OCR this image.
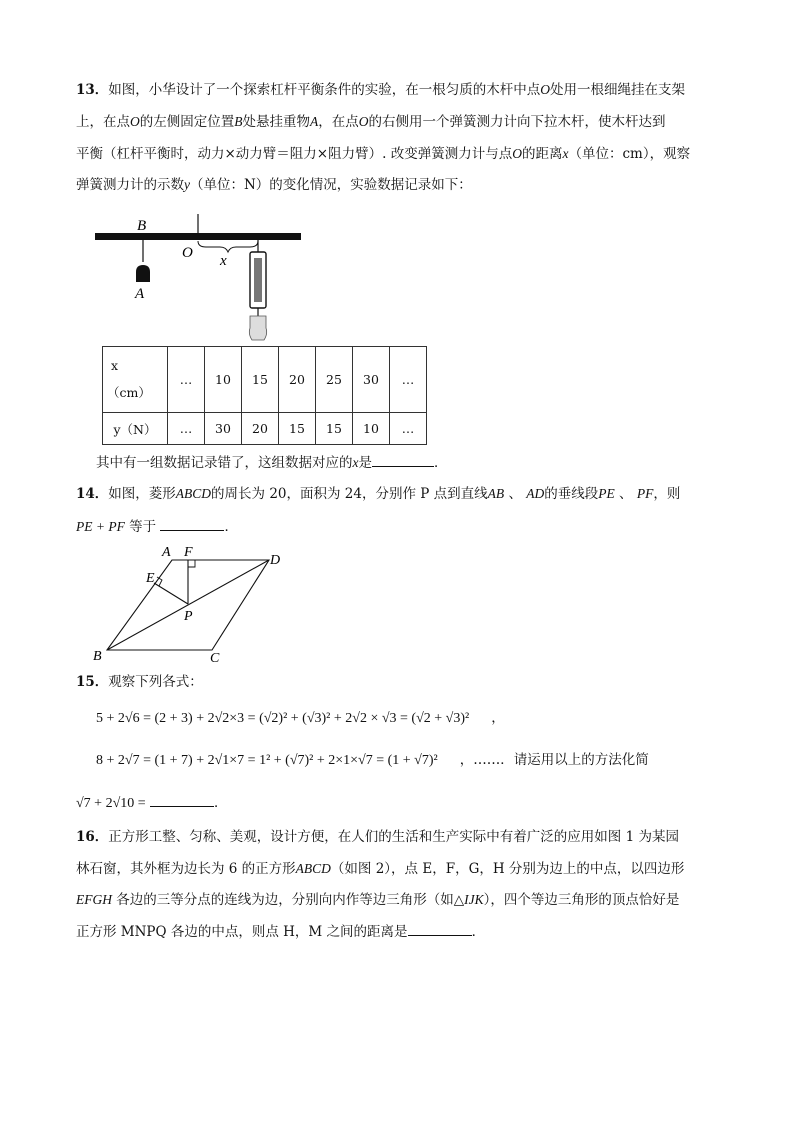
13．如图，小华设计了一个探索杠杆平衡条件的实验，在一根匀质的木杆中点O处用一根细绳挂在支架
上，在点O的左侧固定位置B处悬挂重物A，在点O的右侧用一个弹簧测力计向下拉木杆，使木杆达到
平衡（杠杆平衡时，动力×动力臂＝阻力×阻力臂）. 改变弹簧测力计与点O的距离x（单位：cm），观察
弹簧测力计的示数y（单位：N）的变化情况，实验数据记录如下：
B
O
A
x
x
（cm）	…	10	15	20	25	30	…
y（N）	…	30	20	15	15	10	…
其中有一组数据记录错了，这组数据对应的x是	．
14．如图，菱形ABCD的周长为 20，面积为 24，分别作 P 点到直线AB 、 AD的垂线段PE 、 PF，则
PE + PF 等于	．
A F
D
E
P
B	C
15．观察下列各式：
5 + 2√6 = (2 + 3) + 2√2×3 = (√2)² + (√3)² + 2√2 × √3 = (√2 + √3)² ，
8 + 2√7 = (1 + 7) + 2√1×7 = 1² + (√7)² + 2×1×√7 = (1 + √7)² ，……．请运用以上的方法化简
√7 + 2√10 =	．
16．正方形工整、匀称、美观，设计方便，在人们的生活和生产实际中有着广泛的应用如图 1 为某园
林石窗，其外框为边长为 6 的正方形ABCD（如图 2），点 E，F，G，H 分别为边上的中点，以四边形
EFGH 各边的三等分点的连线为边，分别向内作等边三角形（如△IJK），四个等边三角形的顶点恰好是
正方形 MNPQ 各边的中点，则点 H，M 之间的距离是	．
